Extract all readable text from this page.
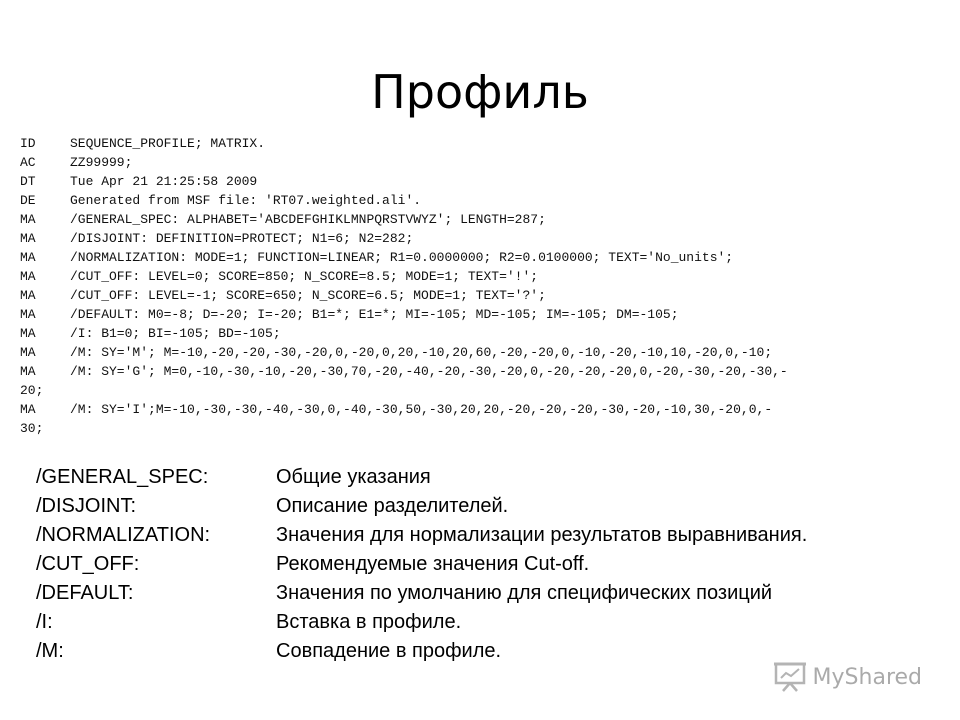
Профиль
ID	SEQUENCE_PROFILE; MATRIX.
AC	ZZ99999;
DT	Tue Apr 21 21:25:58 2009
DE	Generated from MSF file: 'RT07.weighted.ali'.
MA	/GENERAL_SPEC: ALPHABET='ABCDEFGHIKLMNPQRSTVWYZ'; LENGTH=287;
MA	/DISJOINT: DEFINITION=PROTECT; N1=6; N2=282;
MA	/NORMALIZATION: MODE=1; FUNCTION=LINEAR; R1=0.0000000; R2=0.0100000; TEXT='No_units';
MA	/CUT_OFF: LEVEL=0; SCORE=850; N_SCORE=8.5; MODE=1; TEXT='!';
MA	/CUT_OFF: LEVEL=-1; SCORE=650; N_SCORE=6.5; MODE=1; TEXT='?';
MA	/DEFAULT: M0=-8; D=-20; I=-20; B1=*; E1=*; MI=-105; MD=-105; IM=-105; DM=-105;
MA	/I: B1=0; BI=-105; BD=-105;
MA	/M: SY='M'; M=-10,-20,-20,-30,-20,0,-20,0,20,-10,20,60,-20,-20,0,-10,-20,-10,10,-20,0,-10;
MA	/M: SY='G'; M=0,-10,-30,-10,-20,-30,70,-20,-40,-20,-30,-20,0,-20,-20,-20,0,-20,-30,-20,-30,-
20;
MA	/M: SY='I';M=-10,-30,-30,-40,-30,0,-40,-30,50,-30,20,20,-20,-20,-20,-30,-20,-10,30,-20,0,-
30;
/GENERAL_SPEC:	Общие указания
/DISJOINT:	Описание разделителей.
/NORMALIZATION:	Значения для нормализации результатов выравнивания.
/CUT_OFF:	Рекомендуемые значения Cut-off.
/DEFAULT:	Значения по умолчанию для специфических позиций
/I:	Вставка в профиле.
/M:	Совпадение в профиле.
MyShared
